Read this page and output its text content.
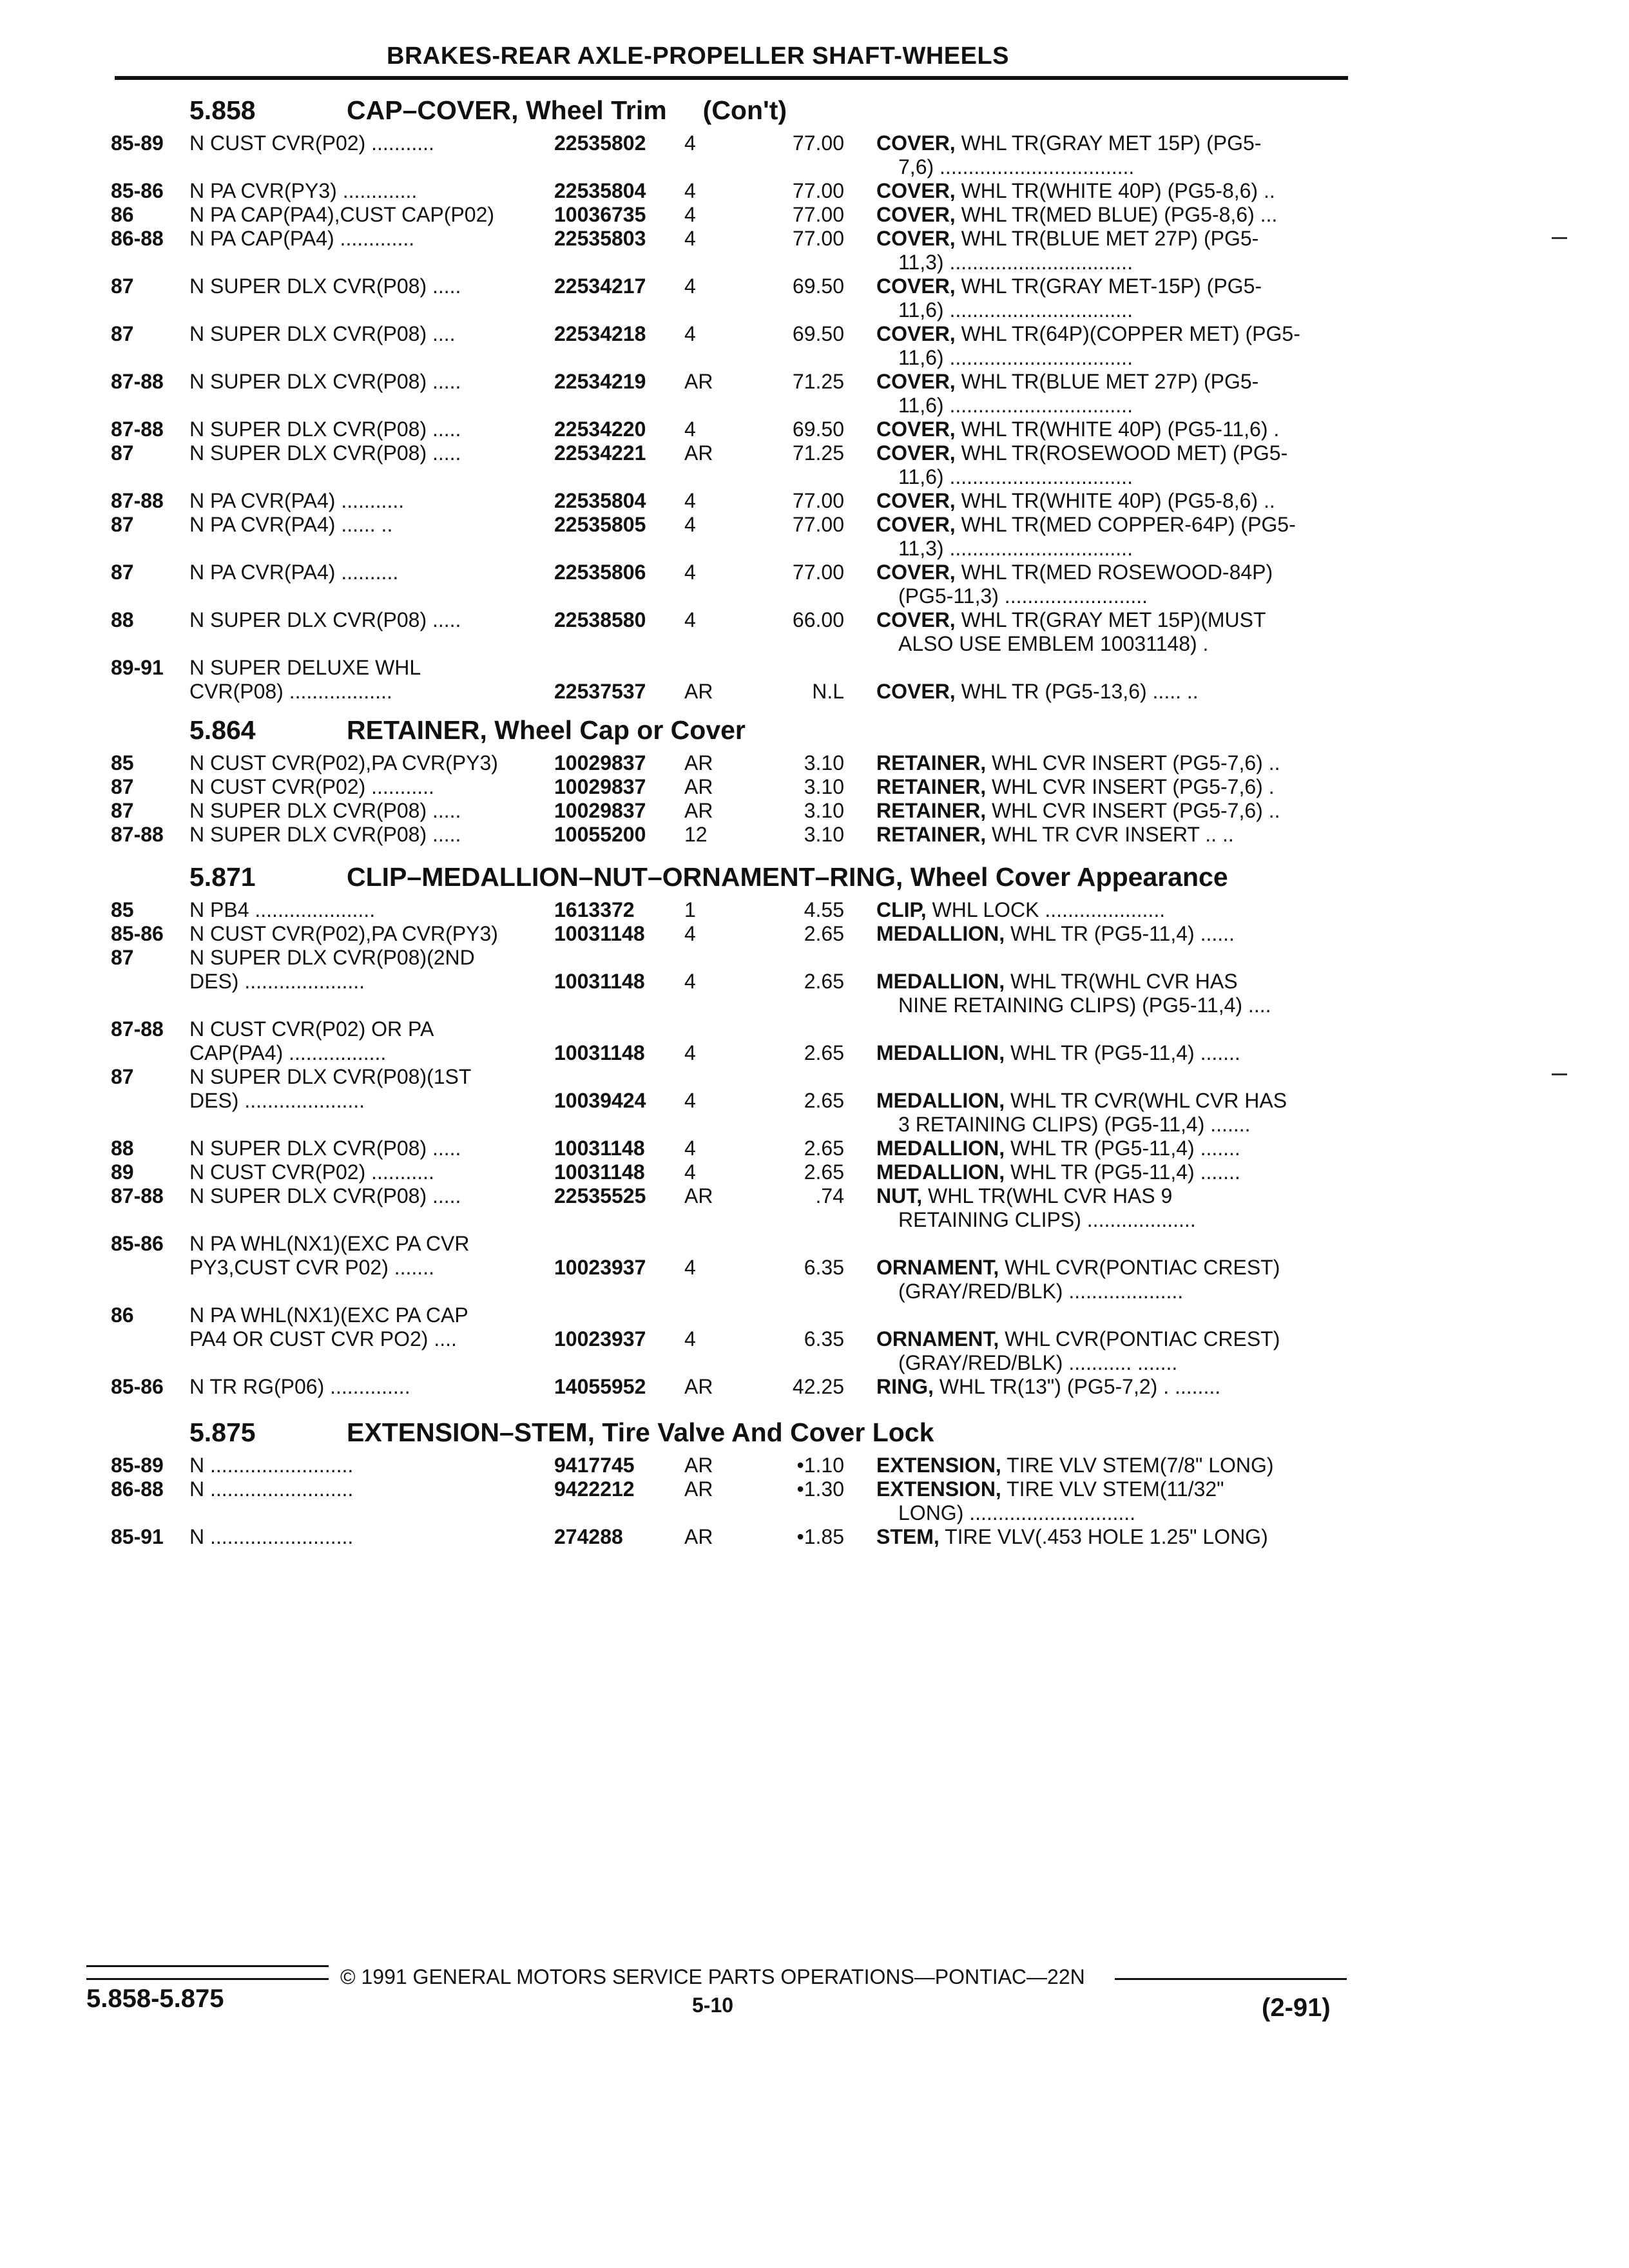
BRAKES-REAR AXLE-PROPELLER SHAFT-WHEELS
5.858	CAP–COVER, Wheel Trim (Con't)
85-89 N CUST CVR(P02) ...........	22535802 4	77.00 COVER, WHL TR(GRAY MET 15P) (PG5-
7,6) ..................................
85-86 N PA CVR(PY3) .............	22535804 4	77.00 COVER, WHL TR(WHITE 40P) (PG5-8,6) ..
86	N PA CAP(PA4),CUST CAP(P02)	10036735 4	77.00 COVER, WHL TR(MED BLUE) (PG5-8,6) ...
86-88 N PA CAP(PA4) .............	22535803 4	77.00 COVER, WHL TR(BLUE MET 27P) (PG5-
11,3) ................................
87	N SUPER DLX CVR(P08) .....	22534217 4	69.50 COVER, WHL TR(GRAY MET-15P) (PG5-
11,6) ................................
87	N SUPER DLX CVR(P08) ....	22534218 4	69.50 COVER, WHL TR(64P)(COPPER MET) (PG5-
11,6) ................................
87-88 N SUPER DLX CVR(P08) .....	22534219 AR	71.25 COVER, WHL TR(BLUE MET 27P) (PG5-
11,6) ................................
87-88 N SUPER DLX CVR(P08) .....	22534220 4	69.50 COVER, WHL TR(WHITE 40P) (PG5-11,6) .
87	N SUPER DLX CVR(P08) .....	22534221 AR	71.25 COVER, WHL TR(ROSEWOOD MET) (PG5-
11,6) ................................
87-88 N PA CVR(PA4) ...........	22535804 4	77.00 COVER, WHL TR(WHITE 40P) (PG5-8,6) ..
87	N PA CVR(PA4) ...... ..	22535805 4	77.00 COVER, WHL TR(MED COPPER-64P) (PG5-
11,3) ................................
87	N PA CVR(PA4) ..........	22535806 4	77.00 COVER, WHL TR(MED ROSEWOOD-84P)
(PG5-11,3) .........................
88	N SUPER DLX CVR(P08) .....	22538580 4	66.00 COVER, WHL TR(GRAY MET 15P)(MUST
ALSO USE EMBLEM 10031148) .
89-91 N SUPER DELUXE WHL
CVR(P08) ..................	22537537 AR	N.L COVER, WHL TR (PG5-13,6) ..... ..
5.864	RETAINER, Wheel Cap or Cover
85	N CUST CVR(P02),PA CVR(PY3)	10029837 AR	3.10 RETAINER, WHL CVR INSERT (PG5-7,6) ..
87	N CUST CVR(P02) ...........	10029837 AR	3.10 RETAINER, WHL CVR INSERT (PG5-7,6) .
87	N SUPER DLX CVR(P08) .....	10029837 AR	3.10 RETAINER, WHL CVR INSERT (PG5-7,6) ..
87-88 N SUPER DLX CVR(P08) .....	10055200 12	3.10 RETAINER, WHL TR CVR INSERT .. ..
5.871	CLIP–MEDALLION–NUT–ORNAMENT–RING, Wheel Cover Appearance
85	N PB4 .....................	1613372 1	4.55 CLIP, WHL LOCK .....................
85-86 N CUST CVR(P02),PA CVR(PY3)	10031148 4	2.65 MEDALLION, WHL TR (PG5-11,4) ......
87	N SUPER DLX CVR(P08)(2ND
DES) .....................	10031148 4	2.65 MEDALLION, WHL TR(WHL CVR HAS
NINE RETAINING CLIPS) (PG5-11,4) ....
87-88 N CUST CVR(P02) OR PA
CAP(PA4) .................	10031148 4	2.65 MEDALLION, WHL TR (PG5-11,4) .......
87	N SUPER DLX CVR(P08)(1ST
DES) .....................	10039424 4	2.65 MEDALLION, WHL TR CVR(WHL CVR HAS
3 RETAINING CLIPS) (PG5-11,4) .......
88	N SUPER DLX CVR(P08) .....	10031148 4	2.65 MEDALLION, WHL TR (PG5-11,4) .......
89	N CUST CVR(P02) ...........	10031148 4	2.65 MEDALLION, WHL TR (PG5-11,4) .......
87-88 N SUPER DLX CVR(P08) .....	22535525 AR	.74 NUT, WHL TR(WHL CVR HAS 9
RETAINING CLIPS) ...................
85-86 N PA WHL(NX1)(EXC PA CVR
PY3,CUST CVR P02) .......	10023937 4	6.35 ORNAMENT, WHL CVR(PONTIAC CREST)
(GRAY/RED/BLK) ....................
86	N PA WHL(NX1)(EXC PA CAP
PA4 OR CUST CVR PO2) ....	10023937 4	6.35 ORNAMENT, WHL CVR(PONTIAC CREST)
(GRAY/RED/BLK) ........... .......
85-86 N TR RG(P06) ..............	14055952 AR	42.25 RING, WHL TR(13") (PG5-7,2) . ........
5.875	EXTENSION–STEM, Tire Valve And Cover Lock
85-89 N .........................	9417745 AR	•1.10 EXTENSION, TIRE VLV STEM(7/8" LONG)
86-88 N .........................	9422212 AR	•1.30 EXTENSION, TIRE VLV STEM(11/32"
LONG) .............................
85-91 N .........................	274288	AR	•1.85 STEM, TIRE VLV(.453 HOLE 1.25" LONG)
© 1991 GENERAL MOTORS SERVICE PARTS OPERATIONS—PONTIAC—22N
5-10
5.858-5.875	(2-91)
